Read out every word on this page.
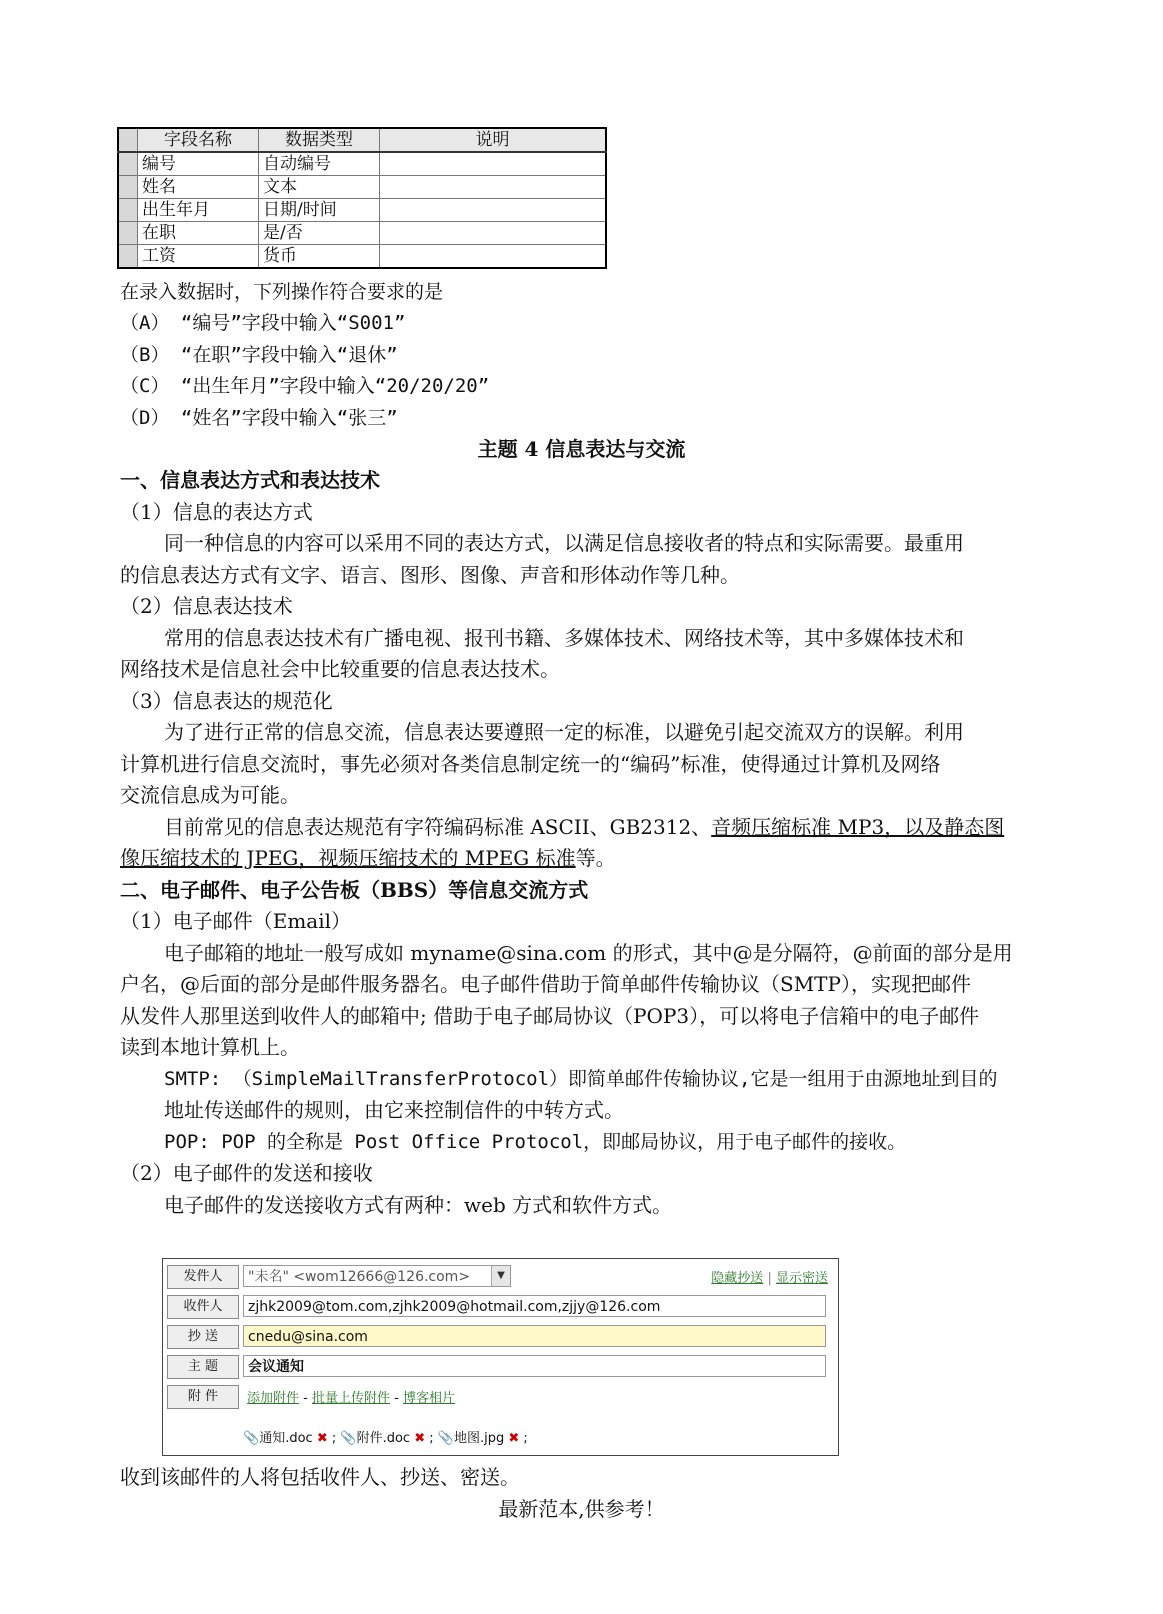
	字段名称	数据类型	说明
	编号	自动编号	
	姓名	文本	
	出生年月	日期/时间	
	在职	是/否	
	工资	货币	
在录入数据时，下列操作符合要求的是
（A） “编号”字段中输入“S001”
（B） “在职”字段中输入“退休”
（C） “出生年月”字段中输入“20/20/20”
（D） “姓名”字段中输入“张三”
主题 4 信息表达与交流
一、信息表达方式和表达技术
（1）信息的表达方式
同一种信息的内容可以采用不同的表达方式，以满足信息接收者的特点和实际需要。最重用
的信息表达方式有文字、语言、图形、图像、声音和形体动作等几种。
（2）信息表达技术
常用的信息表达技术有广播电视、报刊书籍、多媒体技术、网络技术等，其中多媒体技术和
网络技术是信息社会中比较重要的信息表达技术。
（3）信息表达的规范化
为了进行正常的信息交流，信息表达要遵照一定的标准，以避免引起交流双方的误解。利用
计算机进行信息交流时，事先必须对各类信息制定统一的“编码”标准，使得通过计算机及网络
交流信息成为可能。
目前常见的信息表达规范有字符编码标准 ASCII、GB2312、音频压缩标准 MP3，以及静态图
像压缩技术的 JPEG，视频压缩技术的 MPEG 标准等。
二、电子邮件、电子公告板（BBS）等信息交流方式
（1）电子邮件（Email）
电子邮箱的地址一般写成如 myname@sina.com 的形式，其中@是分隔符，@前面的部分是用
户名，@后面的部分是邮件服务器名。电子邮件借助于简单邮件传输协议（SMTP），实现把邮件
从发件人那里送到收件人的邮箱中; 借助于电子邮局协议（POP3），可以将电子信箱中的电子邮件
读到本地计算机上。
SMTP: （SimpleMailTransferProtocol）即简单邮件传输协议,它是一组用于由源地址到目的
地址传送邮件的规则，由它来控制信件的中转方式。
POP: POP 的全称是 Post Office Protocol，即邮局协议，用于电子邮件的接收。
（2）电子邮件的发送和接收
电子邮件的发送接收方式有两种：web 方式和软件方式。
发件人	"未名" <wom12666@126.com>	▼	隐藏抄送 | 显示密送
收件人	zjhk2009@tom.com,zjhk2009@hotmail.com,zjjy@126.com
抄 送	cnedu@sina.com
主 题	会议通知
附 件	添加附件 - 批量上传附件 - 博客相片
📎通知.doc ✖ ; 📎附件.doc ✖ ; 📎地图.jpg ✖ ;
收到该邮件的人将包括收件人、抄送、密送。
最新范本,供参考！
